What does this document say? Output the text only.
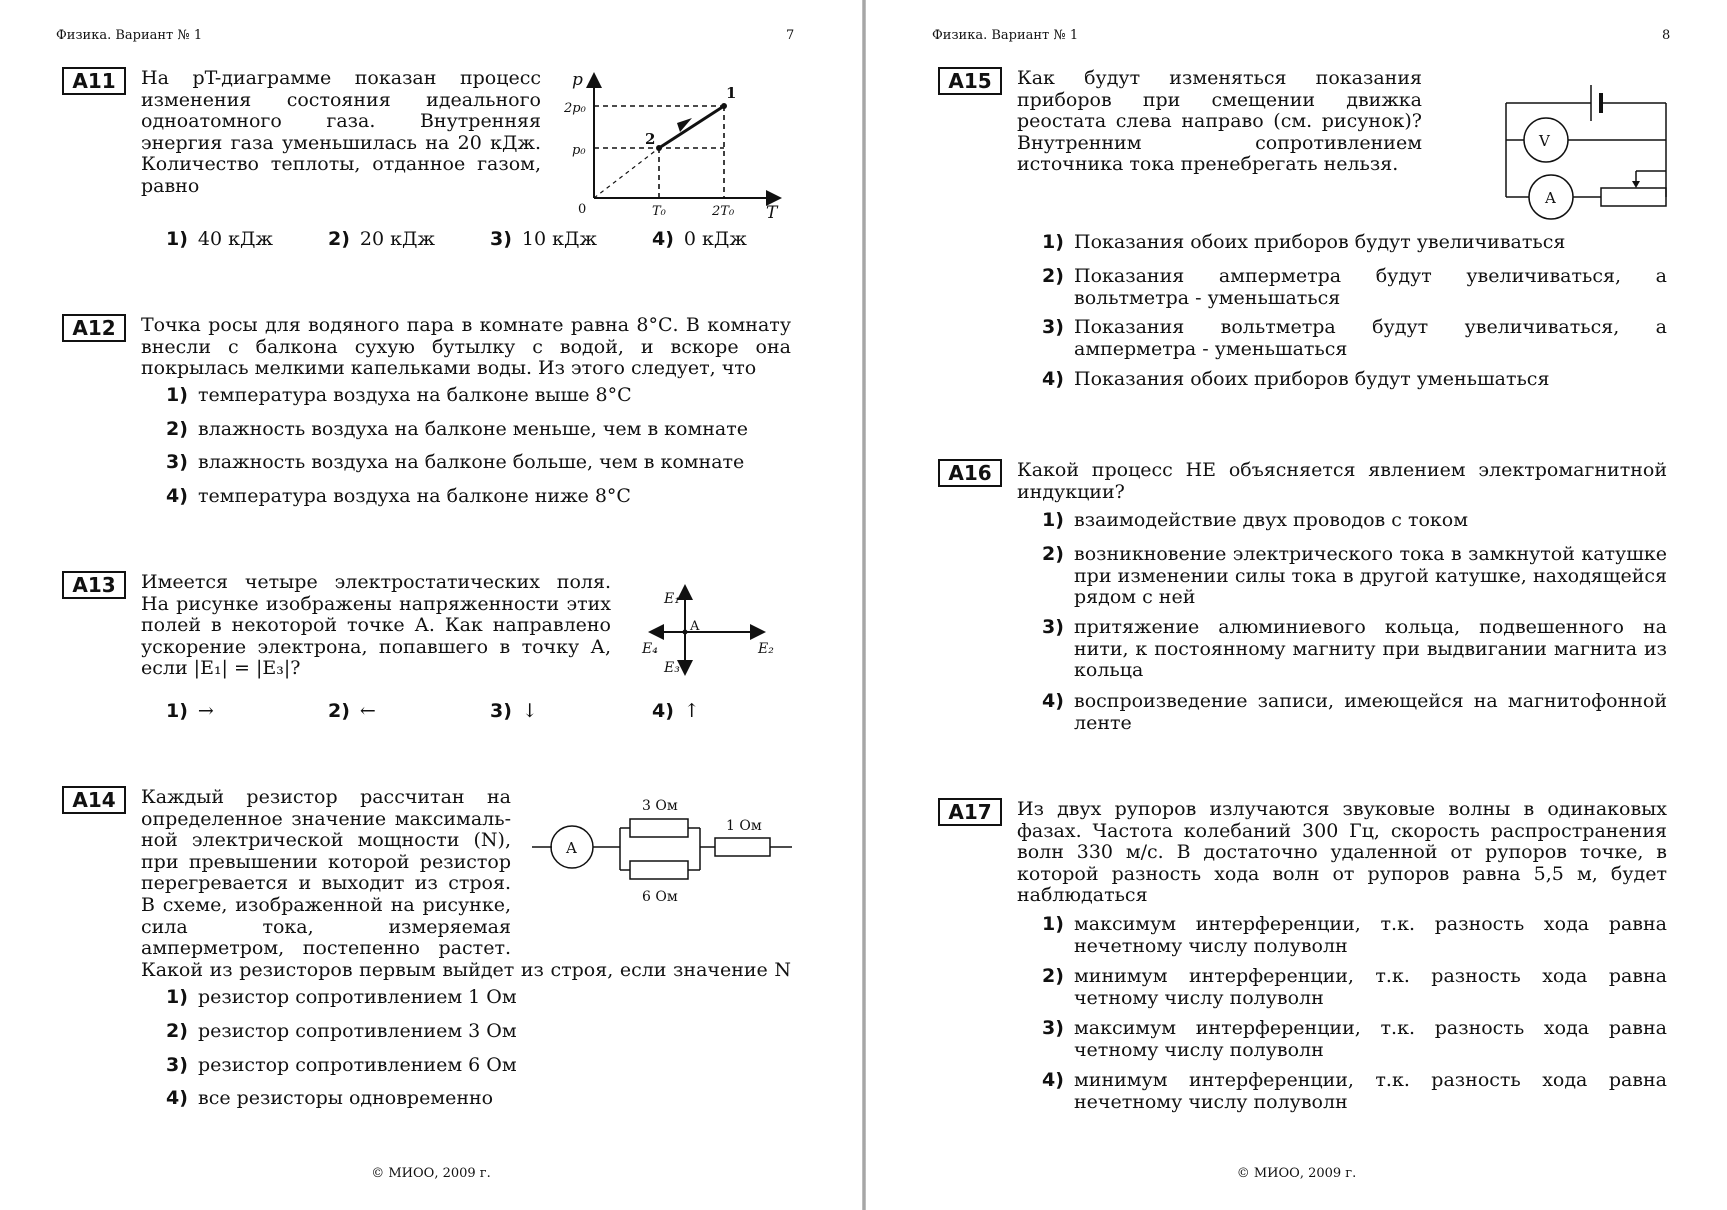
Физика. Вариант № 1	7
A11	На pT-диаграмме показан процесс изменения состояния идеального одноатомного газа. Внутренняя энергия газа уменьшилась на 20 кДж. Количество теплоты, отданное газом, равно
p
T
0
2p₀
p₀
T₀	2T₀
1
2
1) 40 кДж	2) 20 кДж	3) 10 кДж	4) 0 кДж
A12	Точка росы для водяного пара в комнате равна 8°С. В комнату внесли с балкона сухую бутылку с водой, и вскоре она покрылась мелкими капельками воды. Из этого следует, что
1) температура воздуха на балконе выше 8°С
2) влажность воздуха на балконе меньше, чем в комнате
3) влажность воздуха на балконе больше, чем в комнате
4) температура воздуха на балконе ниже 8°С
A13	Имеется четыре электростатических поля. На рисунке изображены напряженности этих полей в некоторой точке А. Как направлено ускорение электрона, попавшего в точку А, если |E₁| = |E₃|?
E₁
E₃
E₂
E₄
A
1) →	2) ←	3) ↓	4) ↑
A14	Каждый резистор рассчитан на определенное значение максималь-ной электрической мощности (N), при превышении которой резистор перегревается и выходит из строя. В схеме, изображенной на рисунке, сила тока, измеряемая амперметром, постепенно растет. Какой из резисторов первым выйдет из строя, если значение N
A
3 Ом
6 Ом
1 Ом
1) резистор сопротивлением 1 Ом
2) резистор сопротивлением 3 Ом
3) резистор сопротивлением 6 Ом
4) все резисторы одновременно
© МИОО, 2009 г.
Физика. Вариант № 1	8
A15	Как будут изменяться показания приборов при смещении движка реостата слева направо (см. рисунок)? Внутренним сопротивлением источника тока пренебрегать нельзя.
V
A
1) Показания обоих приборов будут увеличиваться
2) Показания амперметра будут увеличиваться, а вольтметра - уменьшаться
3) Показания вольтметра будут увеличиваться, а амперметра - уменьшаться
4) Показания обоих приборов будут уменьшаться
A16	Какой процесс НЕ объясняется явлением электромагнитной индукции?
1) взаимодействие двух проводов с током
2) возникновение электрического тока в замкнутой катушке при изменении силы тока в другой катушке, находящейся рядом с ней
3) притяжение алюминиевого кольца, подвешенного на нити, к постоянному магниту при выдвигании магнита из кольца
4) воспроизведение записи, имеющейся на магнитофонной ленте
A17	Из двух рупоров излучаются звуковые волны в одинаковых фазах. Частота колебаний 300 Гц, скорость распространения волн 330 м/с. В достаточно удаленной от рупоров точке, в которой разность хода волн от рупоров равна 5,5 м, будет наблюдаться
1) максимум интерференции, т.к. разность хода равна нечетному числу полуволн
2) минимум интерференции, т.к. разность хода равна четному числу полуволн
3) максимум интерференции, т.к. разность хода равна четному числу полуволн
4) минимум интерференции, т.к. разность хода равна нечетному числу полуволн
© МИОО, 2009 г.
